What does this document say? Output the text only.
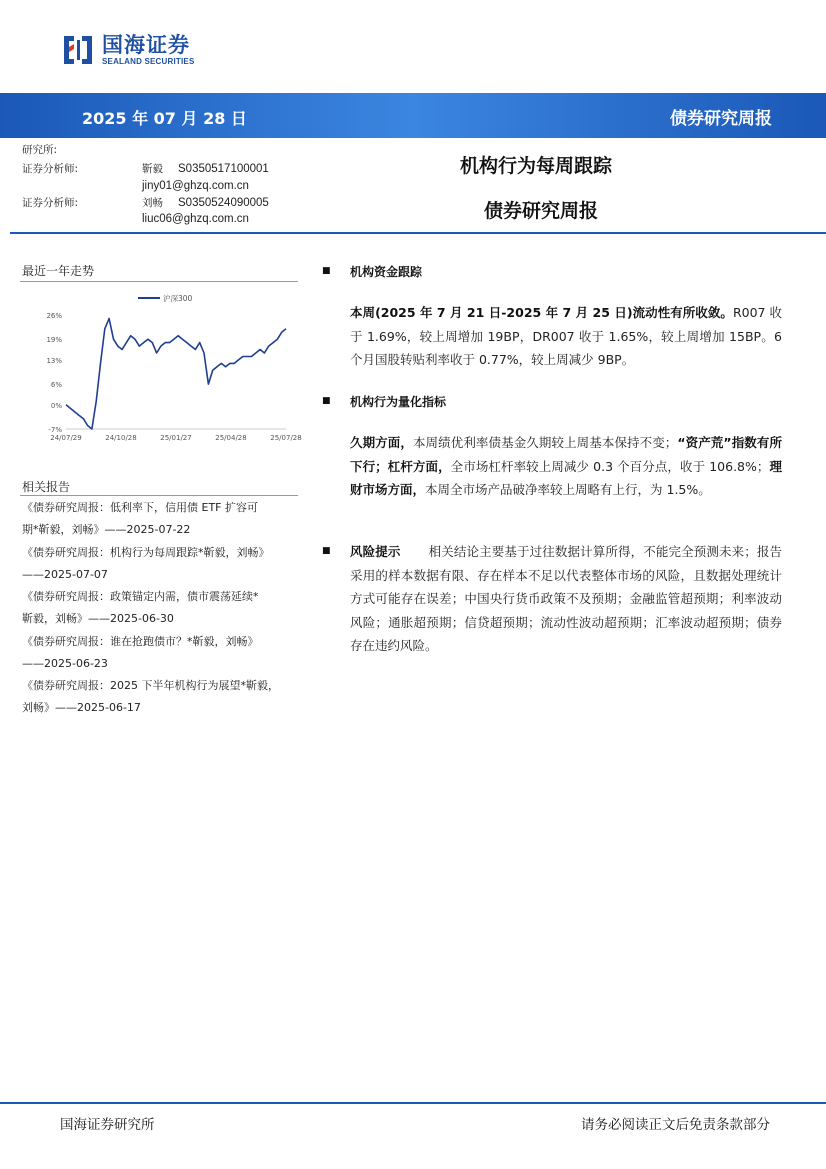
国海证券
SEALAND SECURITIES
2025 年 07 月 28 日	债券研究周报
研究所:
证券分析师:	靳毅 S0350517100001
jiny01@ghzq.com.cn
证券分析师:	刘畅 S0350524090005
liuc06@ghzq.com.cn
机构行为每周跟踪
债券研究周报
最近一年走势
26%
19%
13%
6%
0%
-7%
24/07/29	24/10/28	25/01/27	25/04/28	25/07/28
沪深300
相关报告
《债券研究周报：低利率下，信用债 ETF 扩容可
期*靳毅，刘畅》——2025-07-22
《债券研究周报：机构行为每周跟踪*靳毅，刘畅》
——2025-07-07
《债券研究周报：政策锚定内需，债市震荡延续*
靳毅，刘畅》——2025-06-30
《债券研究周报：谁在抢跑债市？*靳毅，刘畅》
——2025-06-23
《债券研究周报：2025 下半年机构行为展望*靳毅，
刘畅》——2025-06-17
■ 机构资金跟踪
本周(2025 年 7 月 21 日-2025 年 7 月 25 日)流动性有所收敛。R007 收于 1.69%，较上周增加 19BP，DR007 收于 1.65%，较上周增加 15BP。6 个月国股转贴利率收于 0.77%，较上周减少 9BP。
■ 机构行为量化指标
久期方面，本周绩优利率债基金久期较上周基本保持不变；“资产荒”指数有所下行；杠杆方面，全市场杠杆率较上周减少 0.3 个百分点，收于 106.8%；理财市场方面，本周全市场产品破净率较上周略有上行，为 1.5%。
■ 风险提示 相关结论主要基于过往数据计算所得，不能完全预测未来；报告采用的样本数据有限、存在样本不足以代表整体市场的风险，且数据处理统计方式可能存在误差；中国央行货币政策不及预期；金融监管超预期；利率波动风险；通胀超预期；信贷超预期；流动性波动超预期；汇率波动超预期；债券存在违约风险。
国海证券研究所	请务必阅读正文后免责条款部分
